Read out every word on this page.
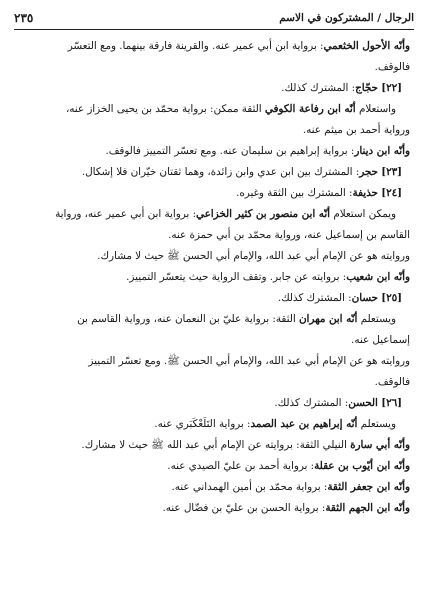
الرجال / المشتركون في الاسم
٢٣٥
وأنّه الأحول الخثعمي: بروایة ابن أبي عمیر عنه. والقرینة فارقة بینهما. ومع التعسّر
فالوقف.
[٢٢] حجّاج: المشترك كذلك.
واستعلام أنّه ابن رفاعة الكوفي الثقة ممكن: بروایة محمّد بن یحیى الخزاز عنه،
وروایة أحمد بن میثم عنه.
وأنّه ابن دینار: بروایة إبراهیم بن سلیمان عنه. ومع تعسّر التمییز فالوقف.
[٢٣] حجر: المشترك بین ابن عدي وابن زائدة، وهما ثقتان خیّران فلا إشكال.
[٢٤] حذیفة: المشترك بین الثقة وغیره.
ویمكن استعلام أنّه ابن منصور بن كثیر الخزاعي: بروایة ابن أبي عمیر عنه، وروایة
القاسم بن إسماعیل عنه، وروایة محمّد بن أبي حمزة عنه.
وروایته هو عن الإمام أبي عبد الله، والإمام أبي الحسن ﷺ حیث لا مشارك.
وأنّه ابن شعیب: بروایته عن جابر. وتقف الروایة حیث یتعسّر التمییز.
[٢٥] حسان: المشترك كذلك.
ویستعلم أنّه ابن مهران الثقة: بروایة عليّ بن النعمان عنه، وروایة القاسم بن
إسماعیل عنه.
وروایته هو عن الإمام أبي عبد الله، والإمام أبي الحسن ﷺ. ومع تعسّر التمییز
فالوقف.
[٢٦] الحسن: المشترك كذلك.
ویستعلم أنّه إبراهیم بن عبد الصمد: بروایة التَلَعْكَبَري عنه.
وأنّه أبي سارة النیلي الثقة: بروایته عن الإمام أبي عبد الله ﷺ حیث لا مشارك.
وأنّه ابن أیّوب بن عقلة: بروایة أحمد بن عليّ الصیدي عنه.
وأنّه ابن جعفر الثقة: بروایة محمّد بن أمین الهمداني عنه.
وأنّه ابن الجهم الثقة: بروایة الحسن بن عليّ بن فضّال عنه.
